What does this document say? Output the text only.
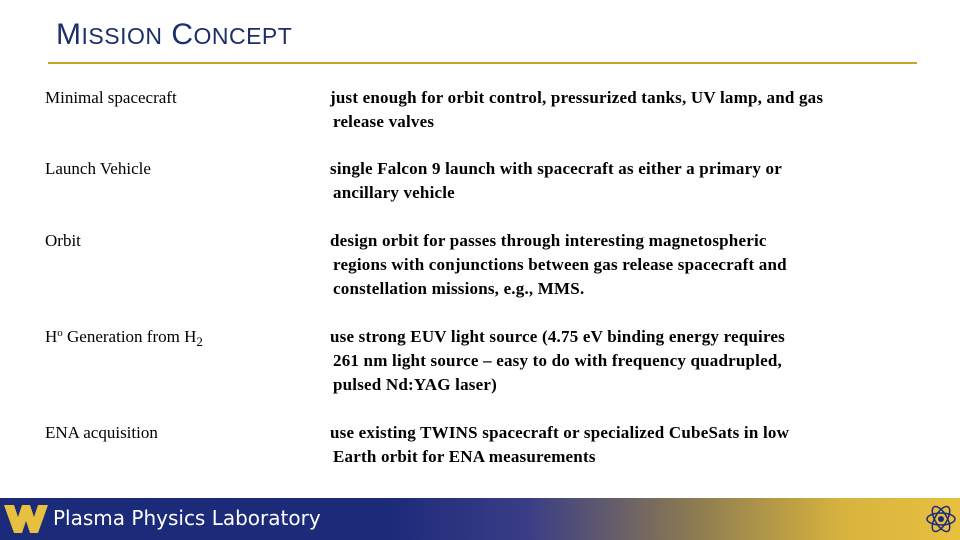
MISSION CONCEPT
Minimal spacecraft	just enough for orbit control, pressurized tanks, UV lamp, and gas
release valves
Launch Vehicle	single Falcon 9 launch with spacecraft as either a primary or
ancillary vehicle
Orbit	design orbit for passes through interesting magnetospheric
regions with conjunctions between gas release spacecraft and
constellation missions, e.g., MMS.
$H^o$ Generation from $H_2$	use strong EUV light source (4.75 eV binding energy requires
261 nm light source – easy to do with frequency quadrupled,
pulsed Nd:YAG laser)
ENA acquisition	use existing TWINS spacecraft or specialized CubeSats in low
Earth orbit for ENA measurements
Plasma Physics Laboratory
